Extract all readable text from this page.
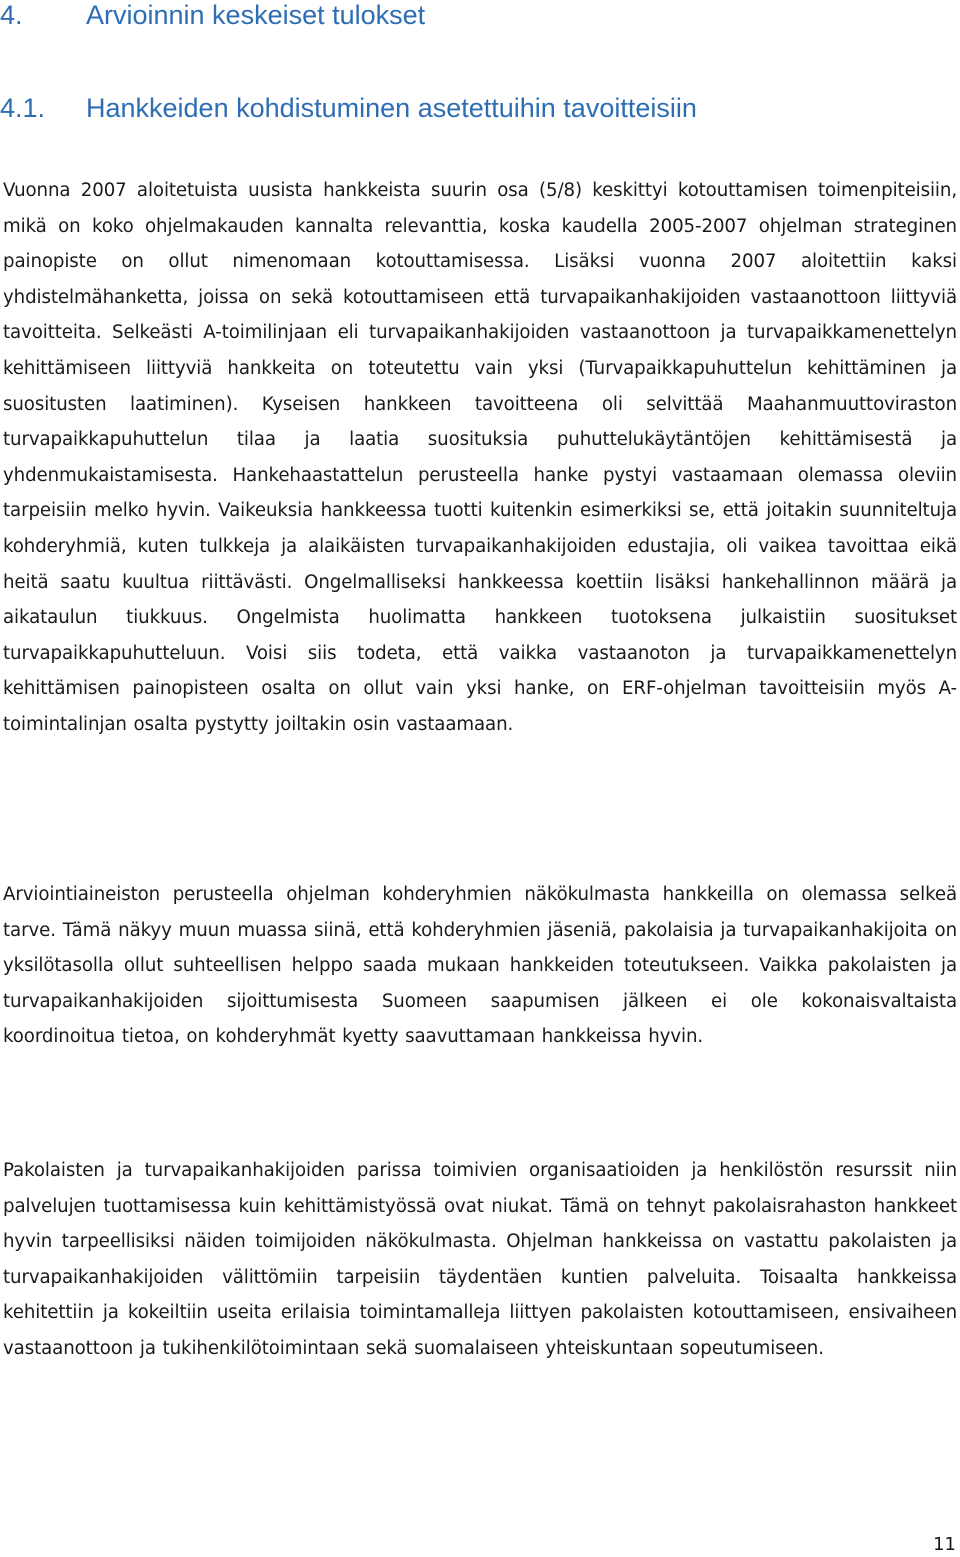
4. Arvioinnin keskeiset tulokset
4.1. Hankkeiden kohdistuminen asetettuihin tavoitteisiin

Vuonna 2007 aloitetuista uusista hankkeista suurin osa (5/8) keskittyi kotouttamisen toimenpiteisiin, mikä on koko ohjelmakauden kannalta relevanttia, koska kaudella 2005-2007 ohjelman strateginen painopiste on ollut nimenomaan kotouttamisessa. Lisäksi vuonna 2007 aloitettiin kaksi yhdistelmähanketta, joissa on sekä kotouttamiseen että turvapaikanhakijoiden vastaanottoon liittyviä tavoitteita. Selkeästi A-toimilinjaan eli turvapaikanhakijoiden vastaanottoon ja turvapaikkamenettelyn kehittämiseen liittyviä hankkeita on toteutettu vain yksi (Turvapaikkapuhuttelun kehittäminen ja suositusten laatiminen). Kyseisen hankkeen tavoitteena oli selvittää Maahanmuuttoviraston turvapaikkapuhuttelun tilaa ja laatia suosituksia puhuttelukäytäntöjen kehittämisestä ja yhdenmukaistamisesta. Hankehaastattelun perusteella hanke pystyi vastaamaan olemassa oleviin tarpeisiin melko hyvin. Vaikeuksia hankkeessa tuotti kuitenkin esimerkiksi se, että joitakin suunniteltuja kohderyhmiä, kuten tulkkeja ja alaikäisten turvapaikanhakijoiden edustajia, oli vaikea tavoittaa eikä heitä saatu kuultua riittävästi. Ongelmalliseksi hankkeessa koettiin lisäksi hankehallinnon määrä ja aikataulun tiukkuus. Ongelmista huolimatta hankkeen tuotoksena julkaistiin suositukset turvapaikkapuhutteluun. Voisi siis todeta, että vaikka vastaanoton ja turvapaikkamenettelyn kehittämisen painopisteen osalta on ollut vain yksi hanke, on ERF-ohjelman tavoitteisiin myös A- toimintalinjan osalta pystytty joiltakin osin vastaamaan.

Arviointiaineiston perusteella ohjelman kohderyhmien näkökulmasta hankkeilla on olemassa selkeä tarve. Tämä näkyy muun muassa siinä, että kohderyhmien jäseniä, pakolaisia ja turvapaikanhakijoita on yksilötasolla ollut suhteellisen helppo saada mukaan hankkeiden toteutukseen. Vaikka pakolaisten ja turvapaikanhakijoiden sijoittumisesta Suomeen saapumisen jälkeen ei ole kokonaisvaltaista koordinoitua tietoa, on kohderyhmät kyetty saavuttamaan hankkeissa hyvin.

Pakolaisten ja turvapaikanhakijoiden parissa toimivien organisaatioiden ja henkilöstön resurssit niin palvelujen tuottamisessa kuin kehittämistyössä ovat niukat. Tämä on tehnyt pakolaisrahaston hankkeet hyvin tarpeellisiksi näiden toimijoiden näkökulmasta. Ohjelman hankkeissa on vastattu pakolaisten ja turvapaikanhakijoiden välittömiin tarpeisiin täydentäen kuntien palveluita. Toisaalta hankkeissa kehitettiin ja kokeiltiin useita erilaisia toimintamalleja liittyen pakolaisten kotouttamiseen, ensivaiheen vastaanottoon ja tukihenkilötoimintaan sekä suomalaiseen yhteiskuntaan sopeutumiseen.

11
